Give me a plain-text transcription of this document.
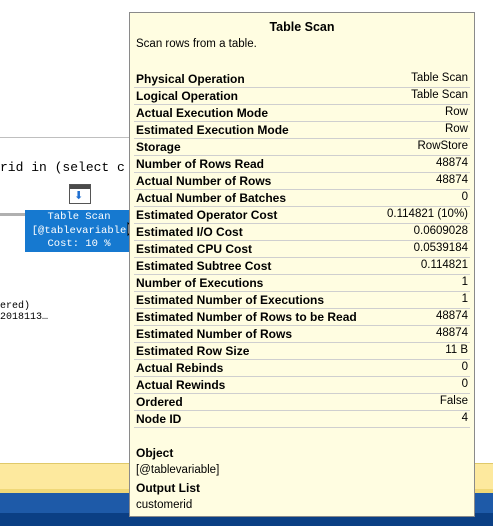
rid in (select c
⬇
Table Scan
[@tablevariable
Cost: 10 %
ered)
2018113…
Table Scan
Scan rows from a table.
Physical Operation	Table Scan
Logical Operation	Table Scan
Actual Execution Mode	Row
Estimated Execution Mode	Row
Storage	RowStore
Number of Rows Read	48874
Actual Number of Rows	48874
Actual Number of Batches	0
Estimated Operator Cost	0.114821 (10%)
Estimated I/O Cost	0.0609028
Estimated CPU Cost	0.0539184
Estimated Subtree Cost	0.114821
Number of Executions	1
Estimated Number of Executions	1
Estimated Number of Rows to be Read	48874
Estimated Number of Rows	48874
Estimated Row Size	11 B
Actual Rebinds	0
Actual Rewinds	0
Ordered	False
Node ID	4
Object
[@tablevariable]
Output List
customerid
